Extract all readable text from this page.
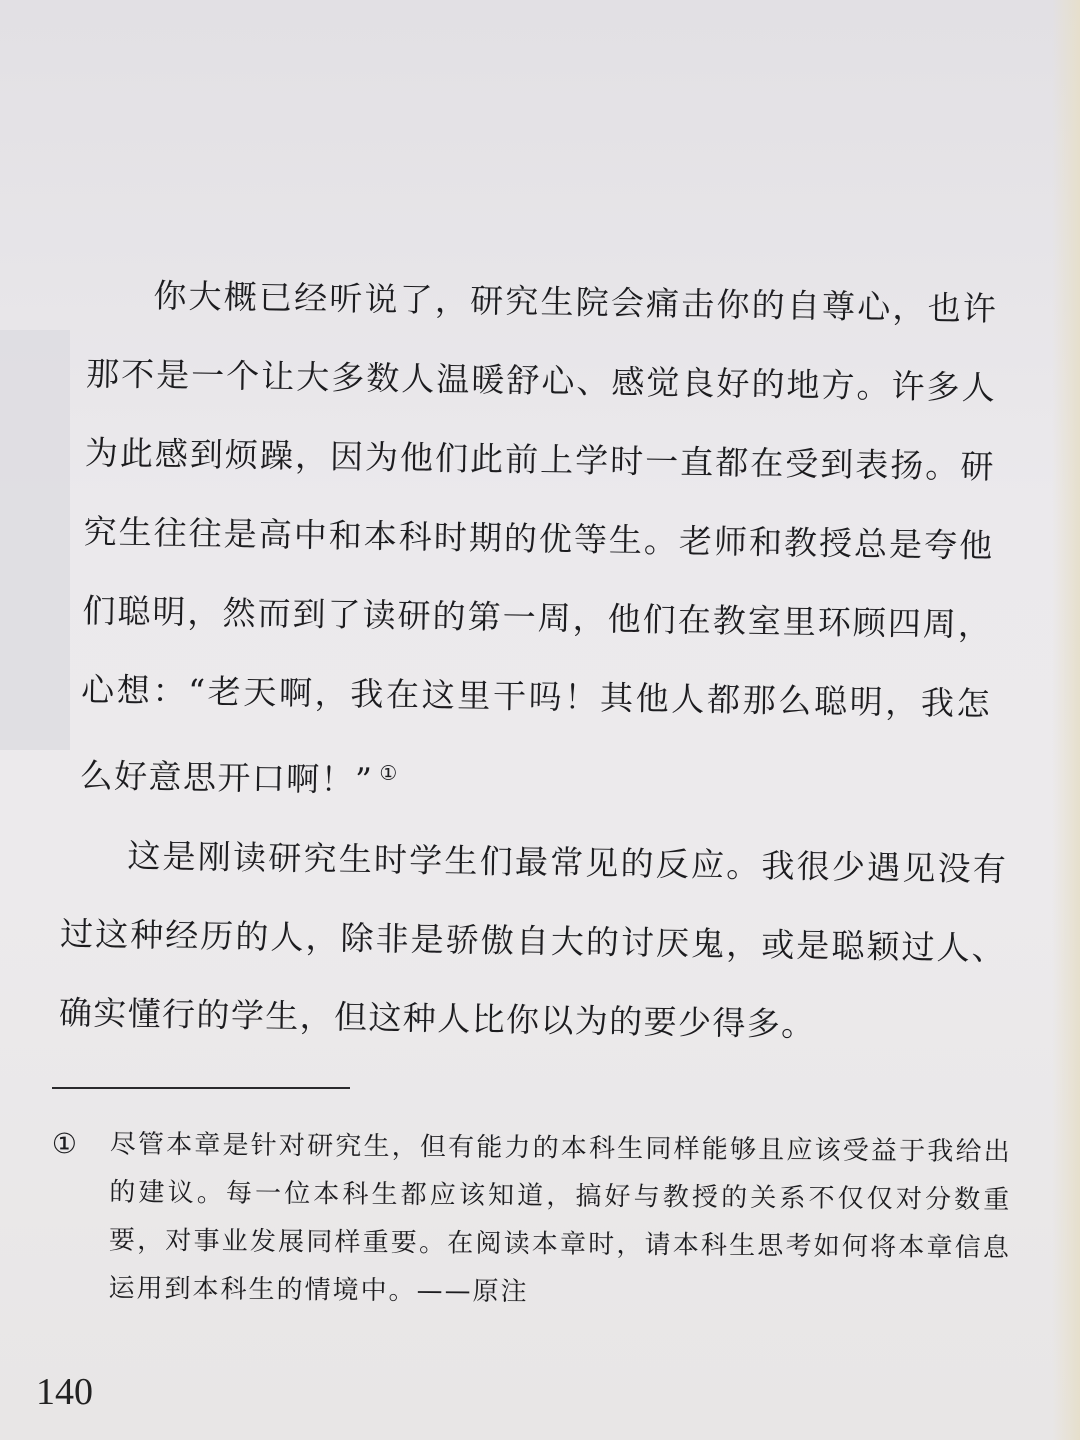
你大概已经听说了，研究生院会痛击你的自尊心，也许那不是一个让大多数人温暖舒心、感觉良好的地方。许多人为此感到烦躁，因为他们此前上学时一直都在受到表扬。研究生往往是高中和本科时期的优等生。老师和教授总是夸他们聪明，然而到了读研的第一周，他们在教室里环顾四周，心想：“老天啊，我在这里干吗！其他人都那么聪明，我怎么好意思开口啊！” ①

这是刚读研究生时学生们最常见的反应。我很少遇见没有过这种经历的人，除非是骄傲自大的讨厌鬼，或是聪颖过人、确实懂行的学生，但这种人比你以为的要少得多。

① 尽管本章是针对研究生，但有能力的本科生同样能够且应该受益于我给出的建议。每一位本科生都应该知道，搞好与教授的关系不仅仅对分数重要，对事业发展同样重要。在阅读本章时，请本科生思考如何将本章信息运用到本科生的情境中。——原注
140
